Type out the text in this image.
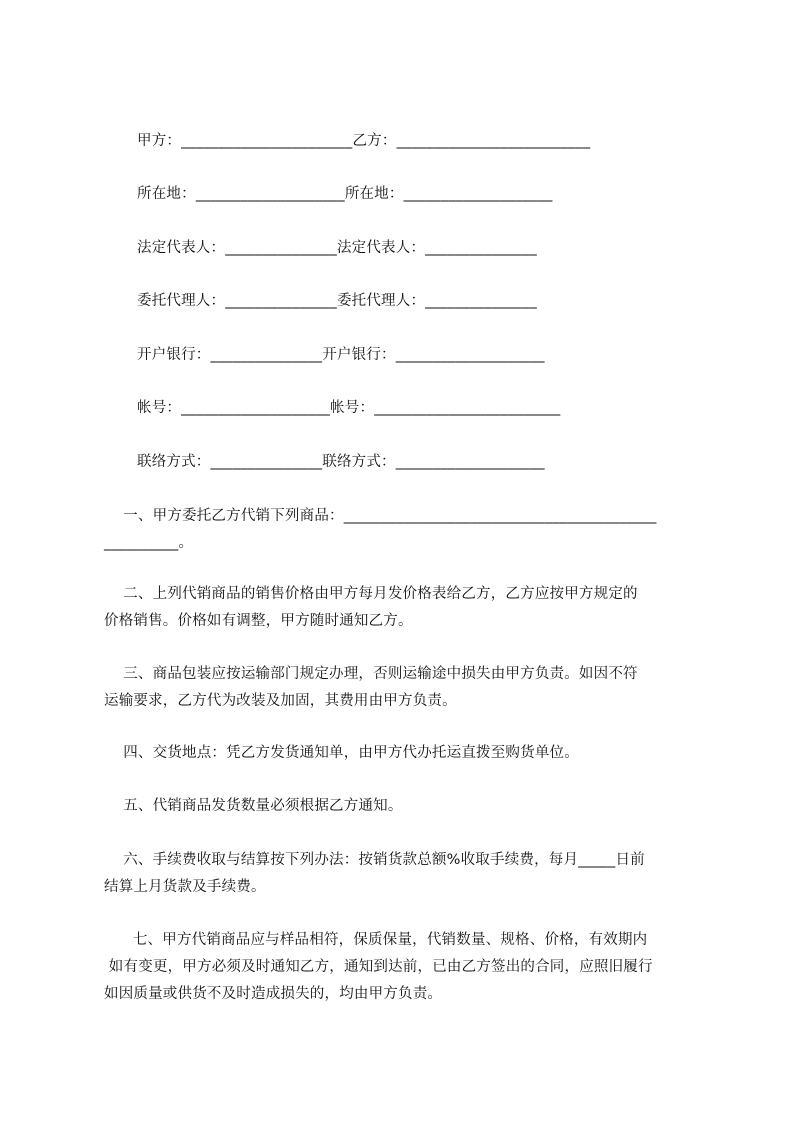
甲方：_______________________乙方：__________________________
所在地：____________________所在地：____________________
法定代表人：_______________法定代表人：_______________
委托代理人：_______________委托代理人：_______________
开户银行：_______________开户银行：____________________
帐号：____________________帐号：_________________________
联络方式：_______________联络方式：____________________
一、甲方委托乙方代销下列商品：__________________________________________
__________。
二、上列代销商品的销售价格由甲方每月发价格表给乙方，乙方应按甲方规定的
价格销售。价格如有调整，甲方随时通知乙方。
三、商品包装应按运输部门规定办理，否则运输途中损失由甲方负责。如因不符
运输要求，乙方代为改装及加固，其费用由甲方负责。
四、交货地点：凭乙方发货通知单，由甲方代办托运直拨至购货单位。
五、代销商品发货数量必须根据乙方通知。
六、手续费收取与结算按下列办法：按销货款总额%收取手续费，每月_____日前
结算上月货款及手续费。
七、甲方代销商品应与样品相符，保质保量，代销数量、规格、价格，有效期内
如有变更，甲方必须及时通知乙方，通知到达前，已由乙方签出的合同，应照旧履行
如因质量或供货不及时造成损失的，均由甲方负责。
